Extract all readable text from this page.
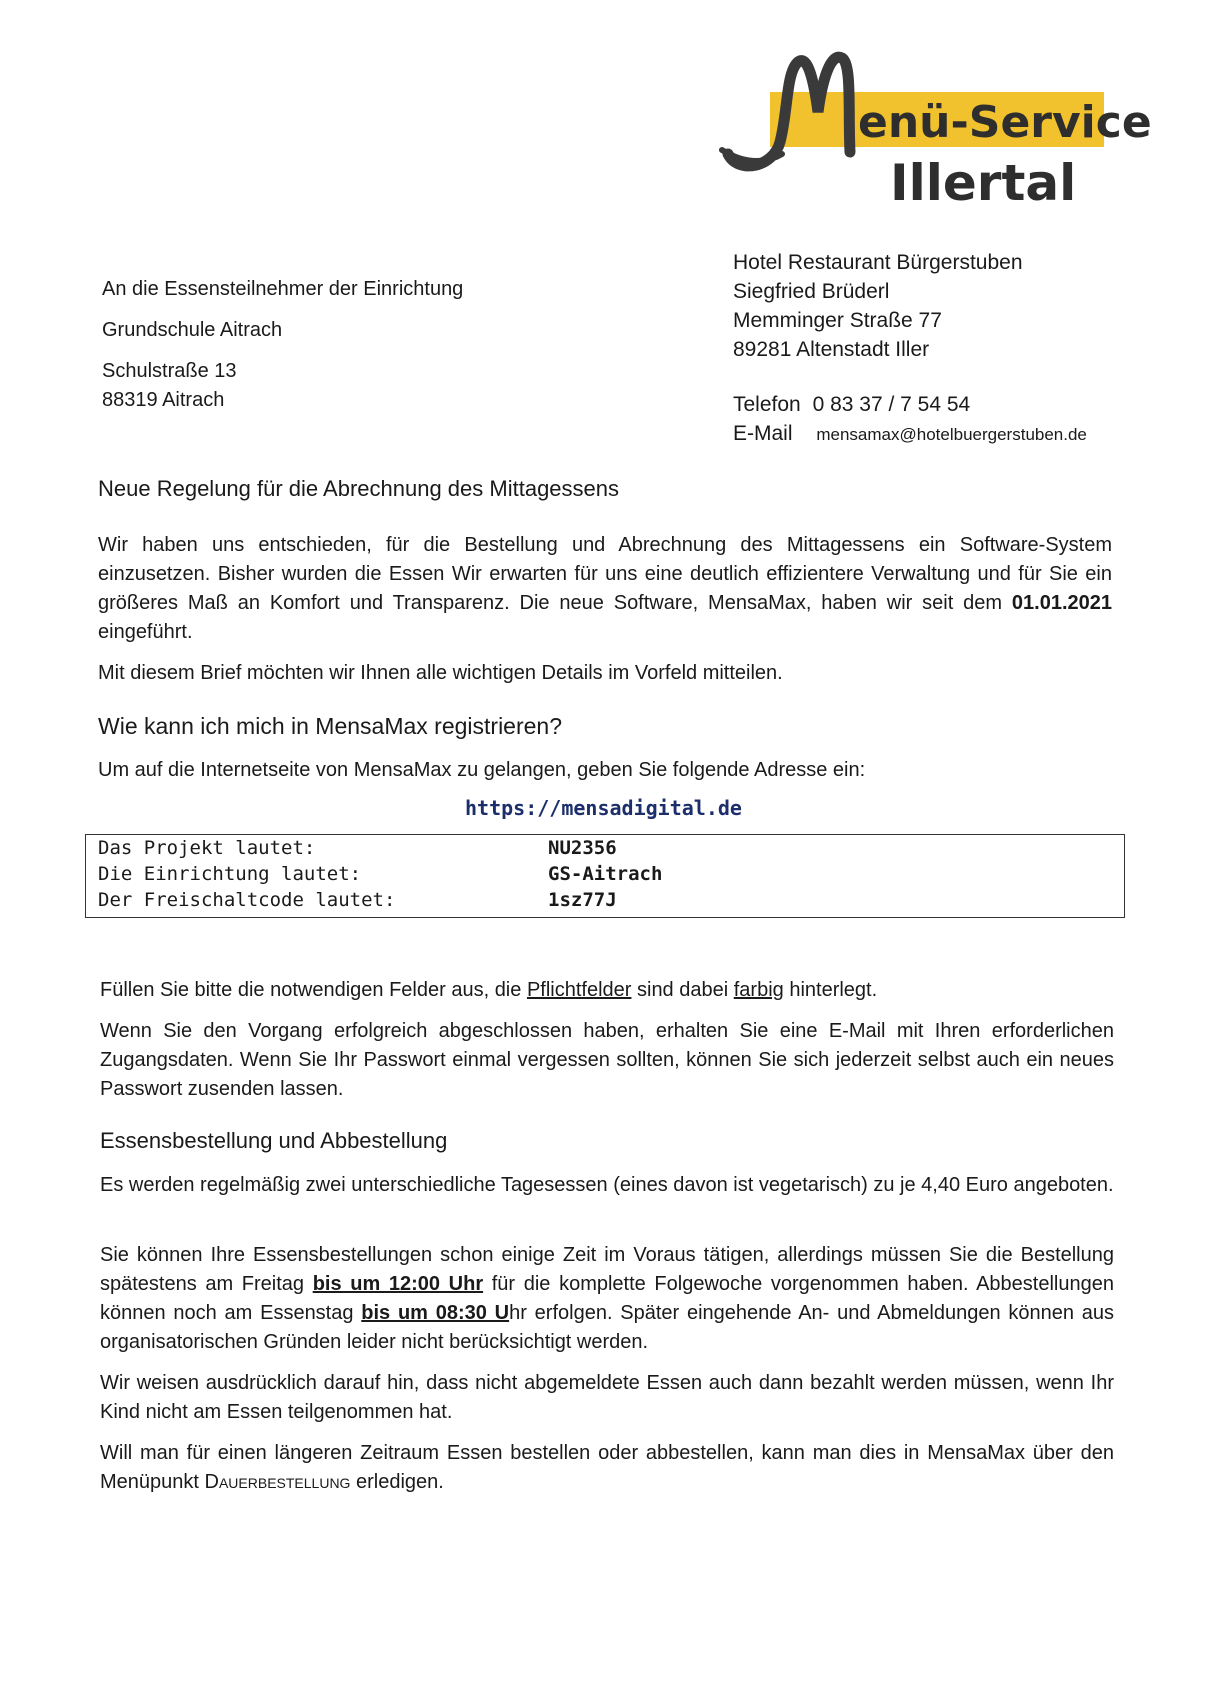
enü-Service
Illertal
An die Essensteilnehmer der Einrichtung
Grundschule Aitrach
Schulstraße 13
88319 Aitrach
Hotel Restaurant Bürgerstuben
Siegfried Brüderl
Memminger Straße 77
89281 Altenstadt Iller
Telefon 0 83 37 / 7 54 54
E-Mail mensamax@hotelbuergerstuben.de
Neue Regelung für die Abrechnung des Mittagessens

Wir haben uns entschieden, für die Bestellung und Abrechnung des Mittagessens ein Software-System einzusetzen. Bisher wurden die Essen Wir erwarten für uns eine deutlich effizientere Verwaltung und für Sie ein größeres Maß an Komfort und Transparenz. Die neue Software, MensaMax, haben wir seit dem 01.01.2021 eingeführt.

Mit diesem Brief möchten wir Ihnen alle wichtigen Details im Vorfeld mitteilen.

Wie kann ich mich in MensaMax registrieren?

Um auf die Internetseite von MensaMax zu gelangen, geben Sie folgende Adresse ein:

https://mensadigital.de
Das Projekt lautet:	NU2356
Die Einrichtung lautet:	GS-Aitrach
Der Freischaltcode lautet:	1sz77J

Füllen Sie bitte die notwendigen Felder aus, die Pflichtfelder sind dabei farbig hinterlegt.

Wenn Sie den Vorgang erfolgreich abgeschlossen haben, erhalten Sie eine E-Mail mit Ihren erforderlichen Zugangsdaten. Wenn Sie Ihr Passwort einmal vergessen sollten, können Sie sich jederzeit selbst auch ein neues Passwort zusenden lassen.

Essensbestellung und Abbestellung

Es werden regelmäßig zwei unterschiedliche Tagesessen (eines davon ist vegetarisch) zu je 4,40 Euro angeboten.

Sie können Ihre Essensbestellungen schon einige Zeit im Voraus tätigen, allerdings müssen Sie die Bestellung spätestens am Freitag bis um 12:00 Uhr für die komplette Folgewoche vorgenommen haben. Abbestellungen können noch am Essenstag bis um 08:30 Uhr erfolgen. Später eingehende An- und Abmeldungen können aus organisatorischen Gründen leider nicht berücksichtigt werden.

Wir weisen ausdrücklich darauf hin, dass nicht abgemeldete Essen auch dann bezahlt werden müssen, wenn Ihr Kind nicht am Essen teilgenommen hat.

Will man für einen längeren Zeitraum Essen bestellen oder abbestellen, kann man dies in MensaMax über den Menüpunkt Dauerbestellung erledigen.
